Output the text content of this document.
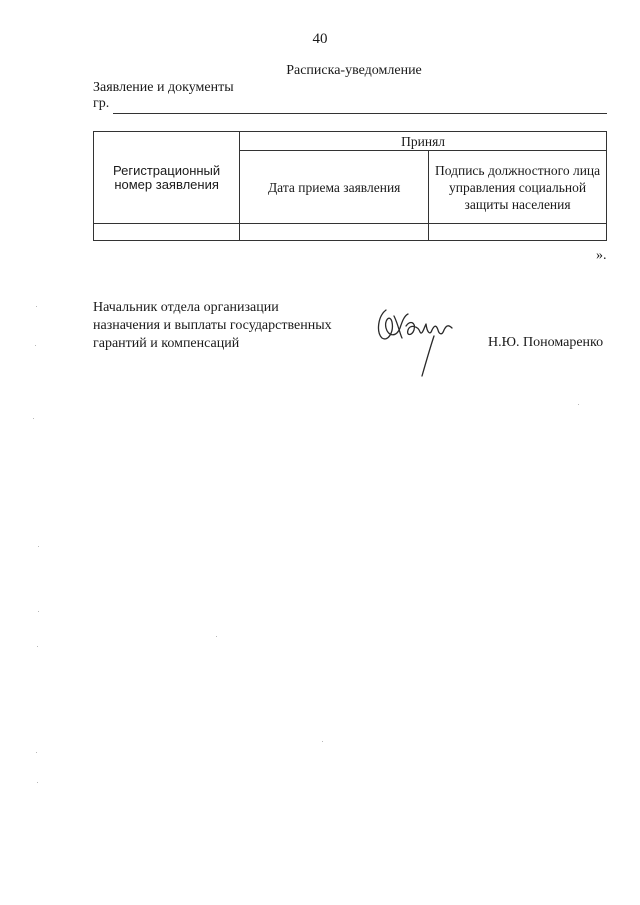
40
Расписка-уведомление
Заявление и документы
гр.
Регистрационный номер заявления	Принял	
	Дата приема заявления	Подпись должностного лица управления социальной защиты населения

».
Начальник отдела организации
назначения и выплаты государственных
гарантий и компенсаций	Н.Ю. Пономаренко
